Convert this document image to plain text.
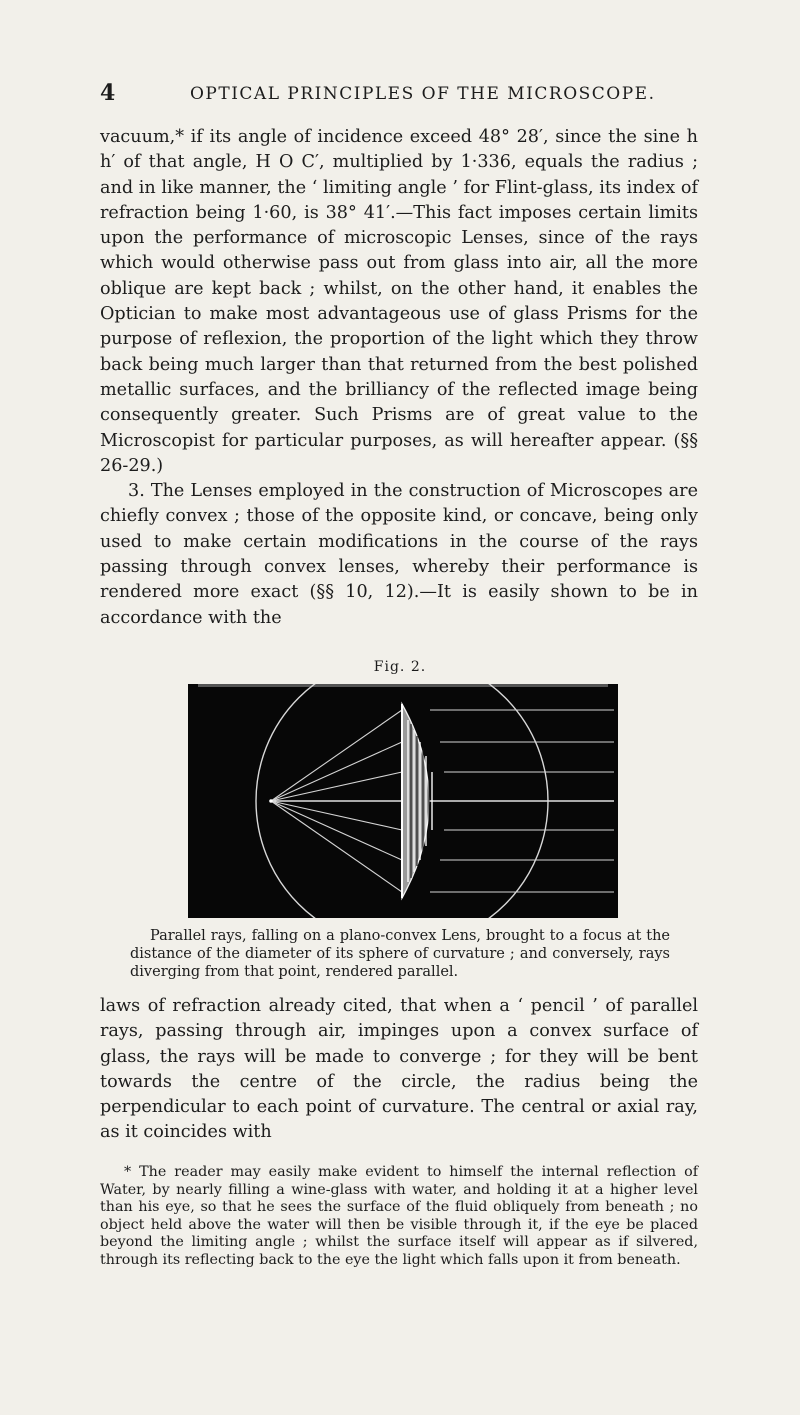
4	OPTICAL PRINCIPLES OF THE MICROSCOPE.

vacuum,* if its angle of incidence exceed 48° 28′, since the sine h h′ of that angle, H O C′, multiplied by 1·336, equals the radius ; and in like manner, the ‘ limiting angle ’ for Flint-glass, its index of refraction being 1·60, is 38° 41′.—This fact imposes certain limits upon the performance of microscopic Lenses, since of the rays which would otherwise pass out from glass into air, all the more oblique are kept back ; whilst, on the other hand, it enables the Optician to make most advantageous use of glass Prisms for the purpose of reflexion, the proportion of the light which they throw back being much larger than that returned from the best polished metallic surfaces, and the brilliancy of the reflected image being consequently greater. Such Prisms are of great value to the Microscopist for particular purposes, as will hereafter appear. (§§ 26-29.)

3. The Lenses employed in the construction of Microscopes are chiefly convex ; those of the opposite kind, or concave, being only used to make certain modifications in the course of the rays passing through convex lenses, whereby their performance is rendered more exact (§§ 10, 12).—It is easily shown to be in accordance with the

Fig. 2.
Parallel rays, falling on a plano-convex Lens, brought to a focus at the distance of the diameter of its sphere of curvature ; and conversely, rays diverging from that point, rendered parallel.

laws of refraction already cited, that when a ‘ pencil ’ of parallel rays, passing through air, impinges upon a convex surface of glass, the rays will be made to converge ; for they will be bent towards the centre of the circle, the radius being the perpendicular to each point of curvature. The central or axial ray, as it coincides with

* The reader may easily make evident to himself the internal reflection of Water, by nearly filling a wine-glass with water, and holding it at a higher level than his eye, so that he sees the surface of the fluid obliquely from beneath ; no object held above the water will then be visible through it, if the eye be placed beyond the limiting angle ; whilst the surface itself will appear as if silvered, through its reflecting back to the eye the light which falls upon it from beneath.
